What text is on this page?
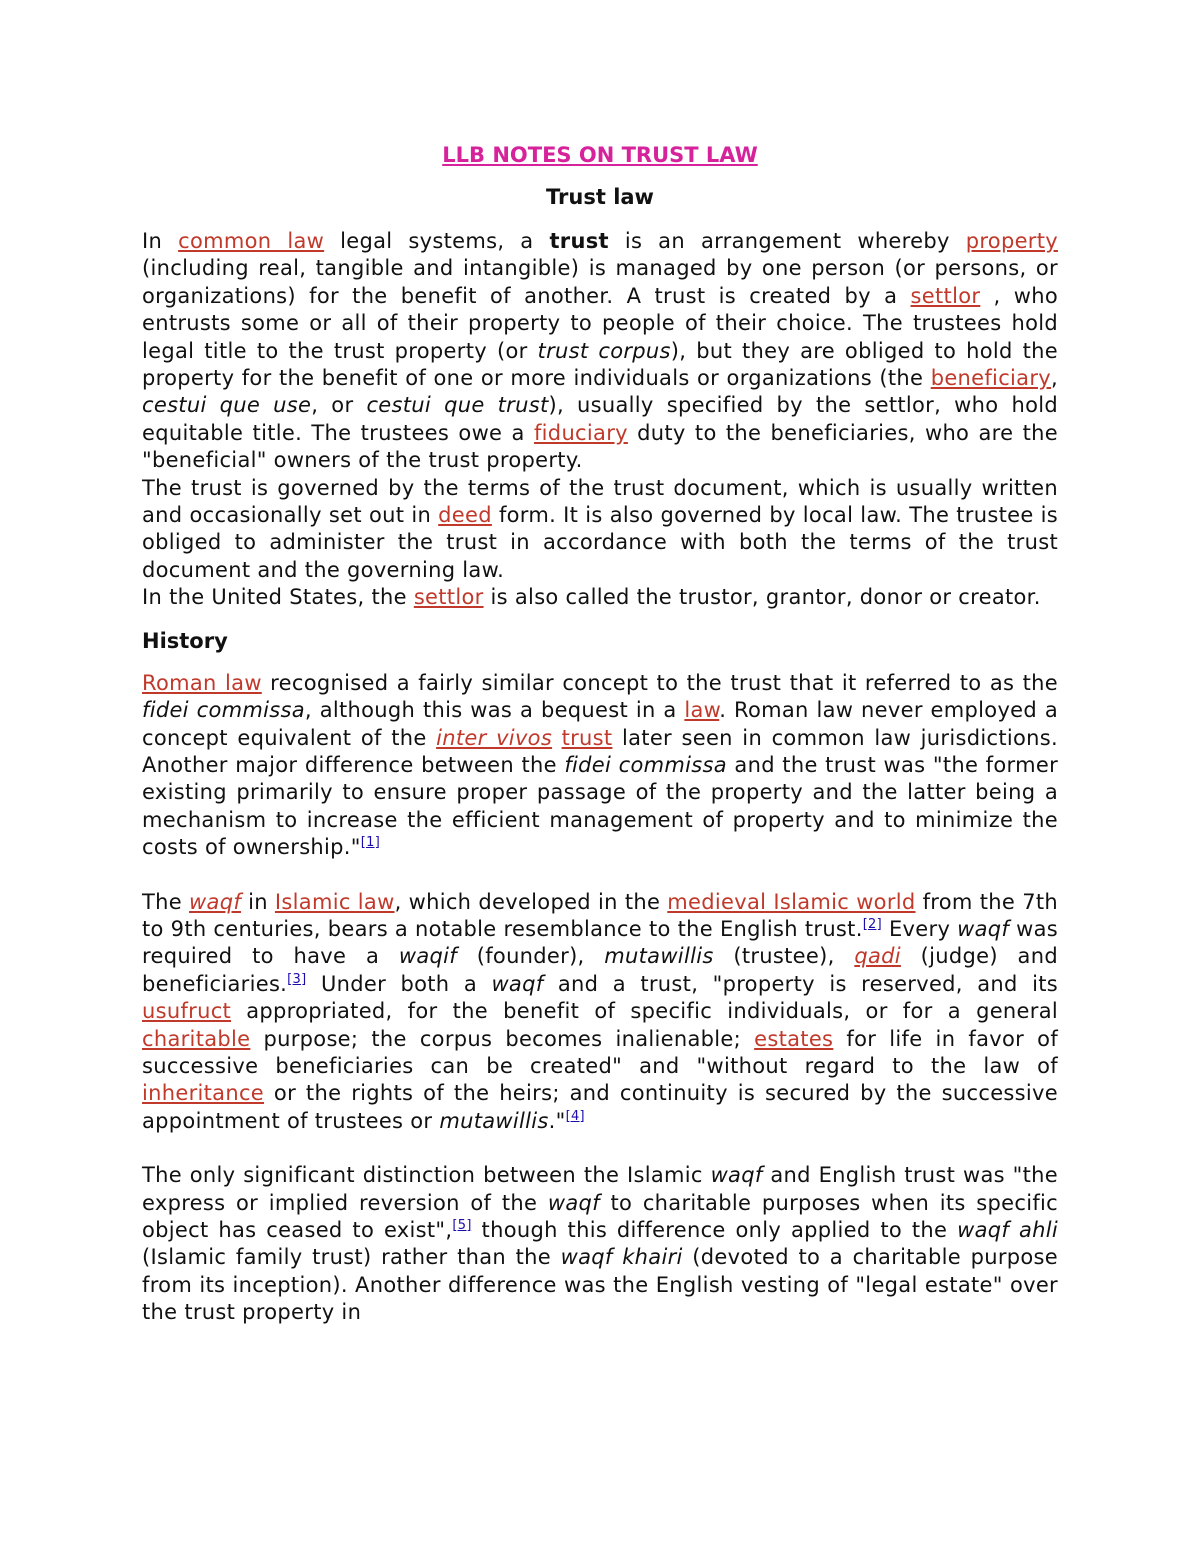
LLB NOTES ON TRUST LAW
Trust law

In common law legal systems, a trust is an arrangement whereby property (including real, tangible and intangible) is managed by one person (or persons, or organizations) for the benefit of another. A trust is created by a settlor , who entrusts some or all of their property to people of their choice. The trustees hold legal title to the trust property (or trust corpus), but they are obliged to hold the property for the benefit of one or more individuals or organizations (the beneficiary, cestui que use, or cestui que trust), usually specified by the settlor, who hold equitable title. The trustees owe a fiduciary duty to the beneficiaries, who are the "beneficial" owners of the trust property.

The trust is governed by the terms of the trust document, which is usually written and occasionally set out in deed form. It is also governed by local law. The trustee is obliged to administer the trust in accordance with both the terms of the trust document and the governing law.

In the United States, the settlor is also called the trustor, grantor, donor or creator.

History

Roman law recognised a fairly similar concept to the trust that it referred to as the fidei commissa, although this was a bequest in a law. Roman law never employed a concept equivalent of the inter vivos trust later seen in common law jurisdictions. Another major difference between the fidei commissa and the trust was "the former existing primarily to ensure proper passage of the property and the latter being a mechanism to increase the efficient management of property and to minimize the costs of ownership."[1]

The waqf in Islamic law, which developed in the medieval Islamic world from the 7th to 9th centuries, bears a notable resemblance to the English trust.[2] Every waqf was required to have a waqif (founder), mutawillis (trustee), qadi (judge) and beneficiaries.[3] Under both a waqf and a trust, "property is reserved, and its usufruct appropriated, for the benefit of specific individuals, or for a general charitable purpose; the corpus becomes inalienable; estates for life in favor of successive beneficiaries can be created" and "without regard to the law of inheritance or the rights of the heirs; and continuity is secured by the successive appointment of trustees or mutawillis."[4]

The only significant distinction between the Islamic waqf and English trust was "the express or implied reversion of the waqf to charitable purposes when its specific object has ceased to exist",[5] though this difference only applied to the waqf ahli (Islamic family trust) rather than the waqf khairi (devoted to a charitable purpose from its inception). Another difference was the English vesting of "legal estate" over the trust property in
